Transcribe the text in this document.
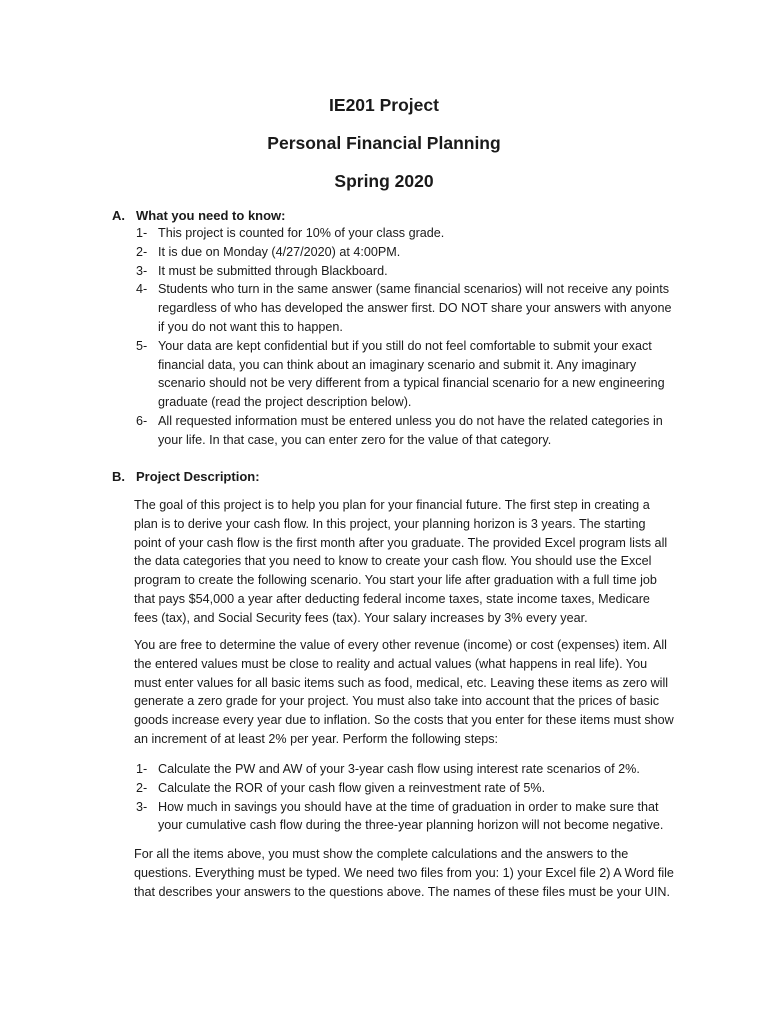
IE201 Project

Personal Financial Planning

Spring 2020

A. What you need to know:
1- This project is counted for 10% of your class grade.
2- It is due on Monday (4/27/2020) at 4:00PM.
3- It must be submitted through Blackboard.
4- Students who turn in the same answer (same financial scenarios) will not receive any points regardless of who has developed the answer first. DO NOT share your answers with anyone if you do not want this to happen.
5- Your data are kept confidential but if you still do not feel comfortable to submit your exact financial data, you can think about an imaginary scenario and submit it. Any imaginary scenario should not be very different from a typical financial scenario for a new engineering graduate (read the project description below).
6- All requested information must be entered unless you do not have the related categories in your life. In that case, you can enter zero for the value of that category.
B. Project Description:

The goal of this project is to help you plan for your financial future. The first step in creating a plan is to derive your cash flow. In this project, your planning horizon is 3 years. The starting point of your cash flow is the first month after you graduate. The provided Excel program lists all the data categories that you need to know to create your cash flow. You should use the Excel program to create the following scenario. You start your life after graduation with a full time job that pays $54,000 a year after deducting federal income taxes, state income taxes, Medicare fees (tax), and Social Security fees (tax). Your salary increases by 3% every year.

You are free to determine the value of every other revenue (income) or cost (expenses) item. All the entered values must be close to reality and actual values (what happens in real life). You must enter values for all basic items such as food, medical, etc. Leaving these items as zero will generate a zero grade for your project. You must also take into account that the prices of basic goods increase every year due to inflation. So the costs that you enter for these items must show an increment of at least 2% per year. Perform the following steps:

1- Calculate the PW and AW of your 3-year cash flow using interest rate scenarios of 2%.
2- Calculate the ROR of your cash flow given a reinvestment rate of 5%.
3- How much in savings you should have at the time of graduation in order to make sure that your cumulative cash flow during the three-year planning horizon will not become negative.

For all the items above, you must show the complete calculations and the answers to the questions. Everything must be typed. We need two files from you: 1) your Excel file 2) A Word file that describes your answers to the questions above. The names of these files must be your UIN.
